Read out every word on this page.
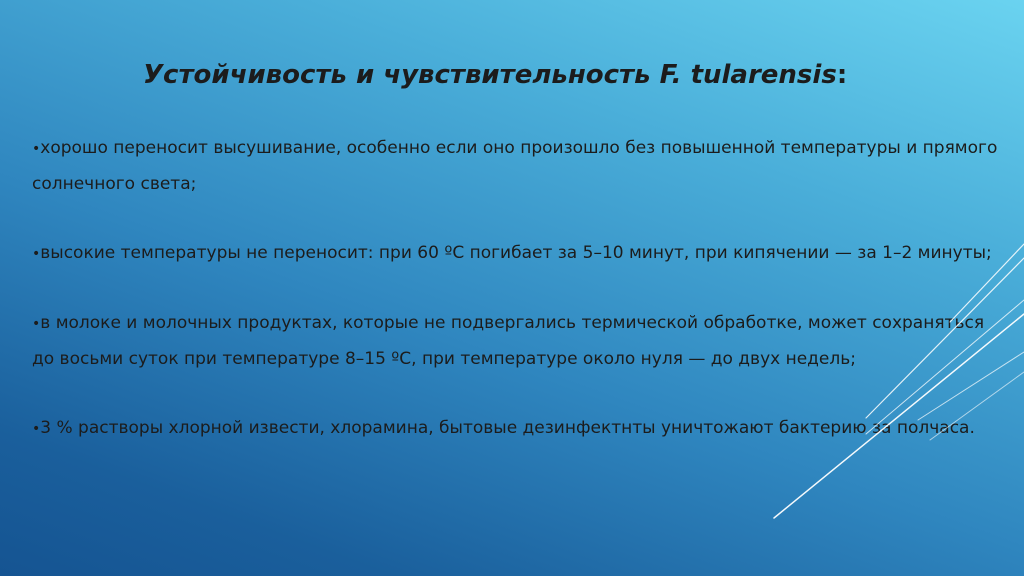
Устойчивость и чувствительность F. tularensis:
•хорошо переносит высушивание, особенно если оно произошло без повышенной температуры и прямого солнечного света;
•высокие температуры не переносит: при 60 ºС погибает за 5–10 минут, при кипячении — за 1–2 минуты;
•в молоке и молочных продуктах, которые не подвергались термической обработке, может сохраняться до восьми суток при температуре 8–15 ºС, при температуре около нуля — до двух недель;
•3 % растворы хлорной извести, хлорамина, бытовые дезинфектнты уничтожают бактерию за полчаса.
